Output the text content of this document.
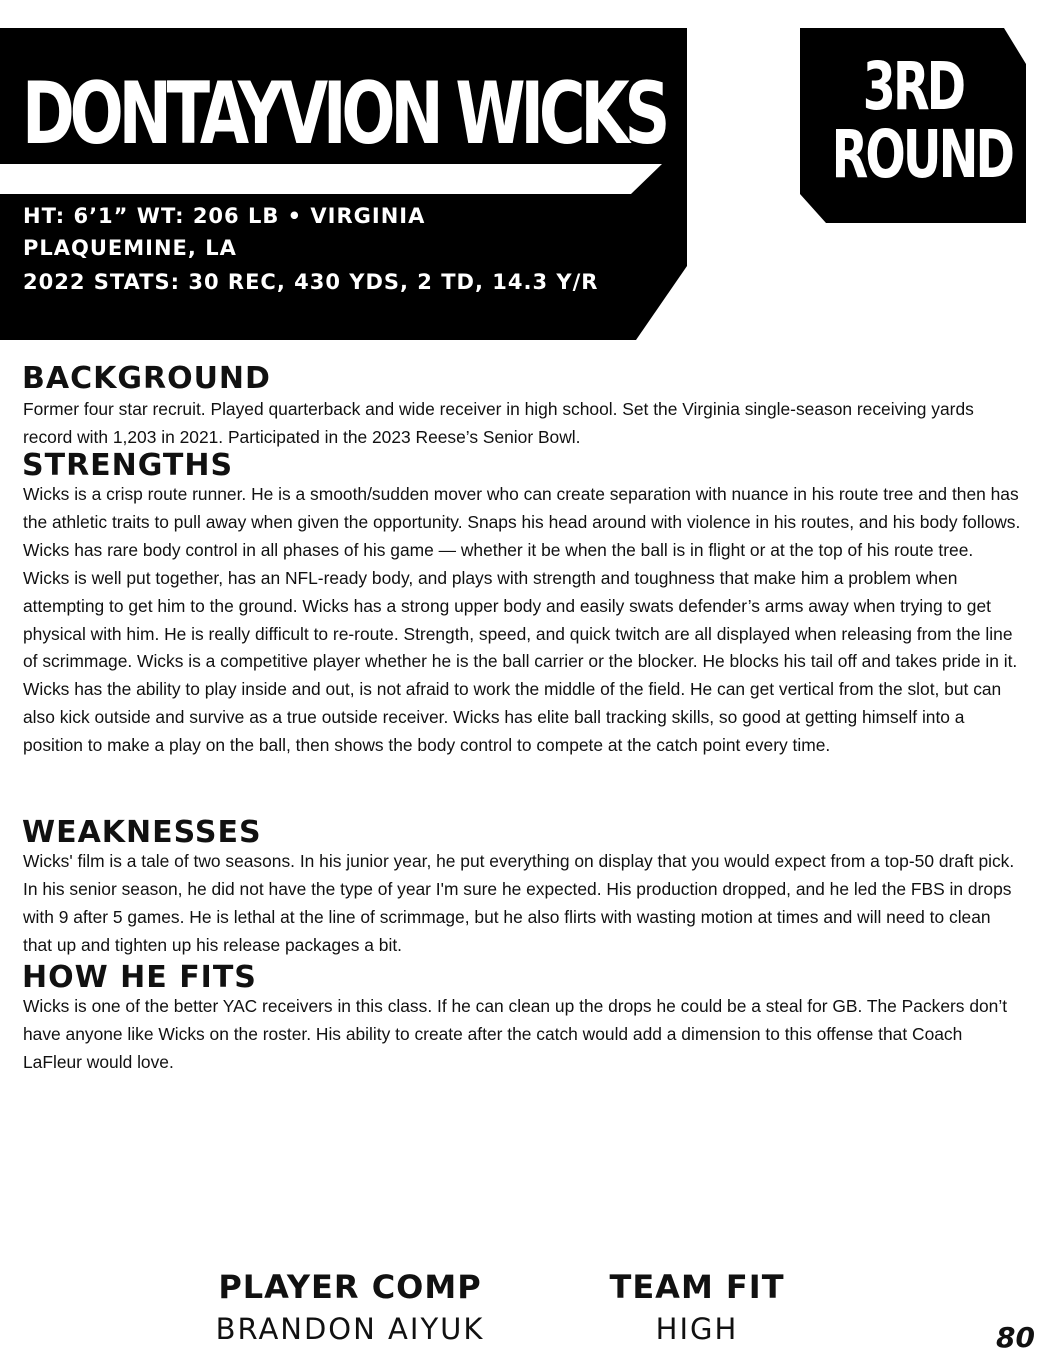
DONTAYVION WICKS
HT: 6’1” WT: 206 LB • VIRGINIA
PLAQUEMINE, LA
2022 STATS: 30 REC, 430 YDS, 2 TD, 14.3 Y/R
3RD
ROUND
BACKGROUND

Former four star recruit. Played quarterback and wide receiver in high school. Set the Virginia single-season receiving yards record with 1,203 in 2021. Participated in the 2023 Reese’s Senior Bowl.

STRENGTHS

Wicks is a crisp route runner. He is a smooth/sudden mover who can create separation with nuance in his route tree and then has the athletic traits to pull away when given the opportunity. Snaps his head around with violence in his routes, and his body follows. Wicks has rare body control in all phases of his game — whether it be when the ball is in flight or at the top of his route tree. Wicks is well put together, has an NFL-ready body, and plays with strength and toughness that make him a problem when attempting to get him to the ground. Wicks has a strong upper body and easily swats defender’s arms away when trying to get physical with him. He is really difficult to re-route. Strength, speed, and quick twitch are all displayed when releasing from the line of scrimmage. Wicks is a competitive player whether he is the ball carrier or the blocker. He blocks his tail off and takes pride in it. Wicks has the ability to play inside and out, is not afraid to work the middle of the field. He can get vertical from the slot, but can also kick outside and survive as a true outside receiver. Wicks has elite ball tracking skills, so good at getting himself into a position to make a play on the ball, then shows the body control to compete at the catch point every time.

WEAKNESSES

Wicks' film is a tale of two seasons. In his junior year, he put everything on display that you would expect from a top-50 draft pick. In his senior season, he did not have the type of year I'm sure he expected. His production dropped, and he led the FBS in drops with 9 after 5 games. He is lethal at the line of scrimmage, but he also flirts with wasting motion at times and will need to clean that up and tighten up his release packages a bit.

HOW HE FITS

Wicks is one of the better YAC receivers in this class. If he can clean up the drops he could be a steal for GB. The Packers don’t have anyone like Wicks on the roster. His ability to create after the catch would add a dimension to this offense that Coach LaFleur would love.

PLAYER COMP
BRANDON AIYUK
TEAM FIT
HIGH	80
